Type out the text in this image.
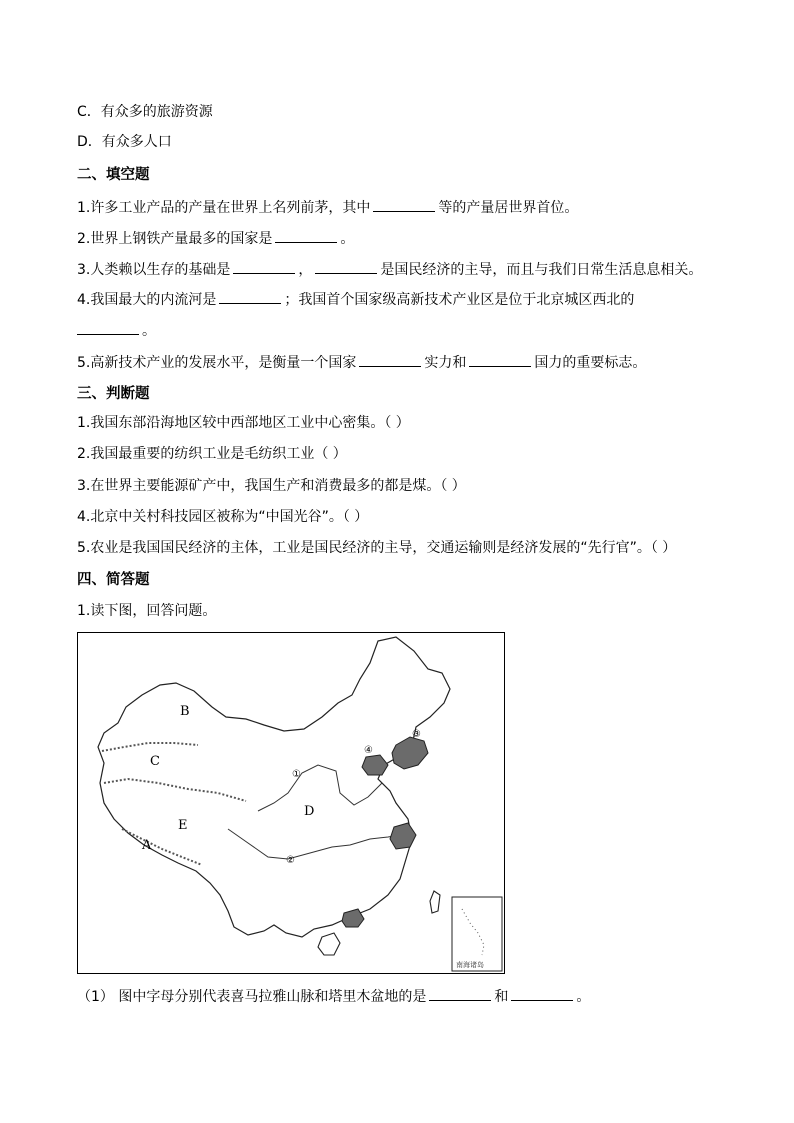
C．有众多的旅游资源
D．有众多人口
二、填空题
1.许多工业产品的产量在世界上名列前茅，其中	等的产量居世界首位。
2.世界上钢铁产量最多的国家是	。
3.人类赖以生存的基础是	，	是国民经济的主导，而且与我们日常生活息息相关。
4.我国最大的内流河是	；我国首个国家级高新技术产业区是位于北京城区西北的
。
5.高新技术产业的发展水平，是衡量一个国家	实力和	国力的重要标志。
三、判断题
1.我国东部沿海地区较中西部地区工业中心密集。（ ）
2.我国最重要的纺织工业是毛纺织工业（ ）
3.在世界主要能源矿产中，我国生产和消费最多的都是煤。（ ）
4.北京中关村科技园区被称为“中国光谷”。（ ）
5.农业是我国国民经济的主体，工业是国民经济的主导，交通运输则是经济发展的“先行官”。（ ）
四、简答题
1.读下图，回答问题。
B
C
D
E
A
①
②
③
④
南海诸岛
（1） 图中字母分别代表喜马拉雅山脉和塔里木盆地的是	和	。
